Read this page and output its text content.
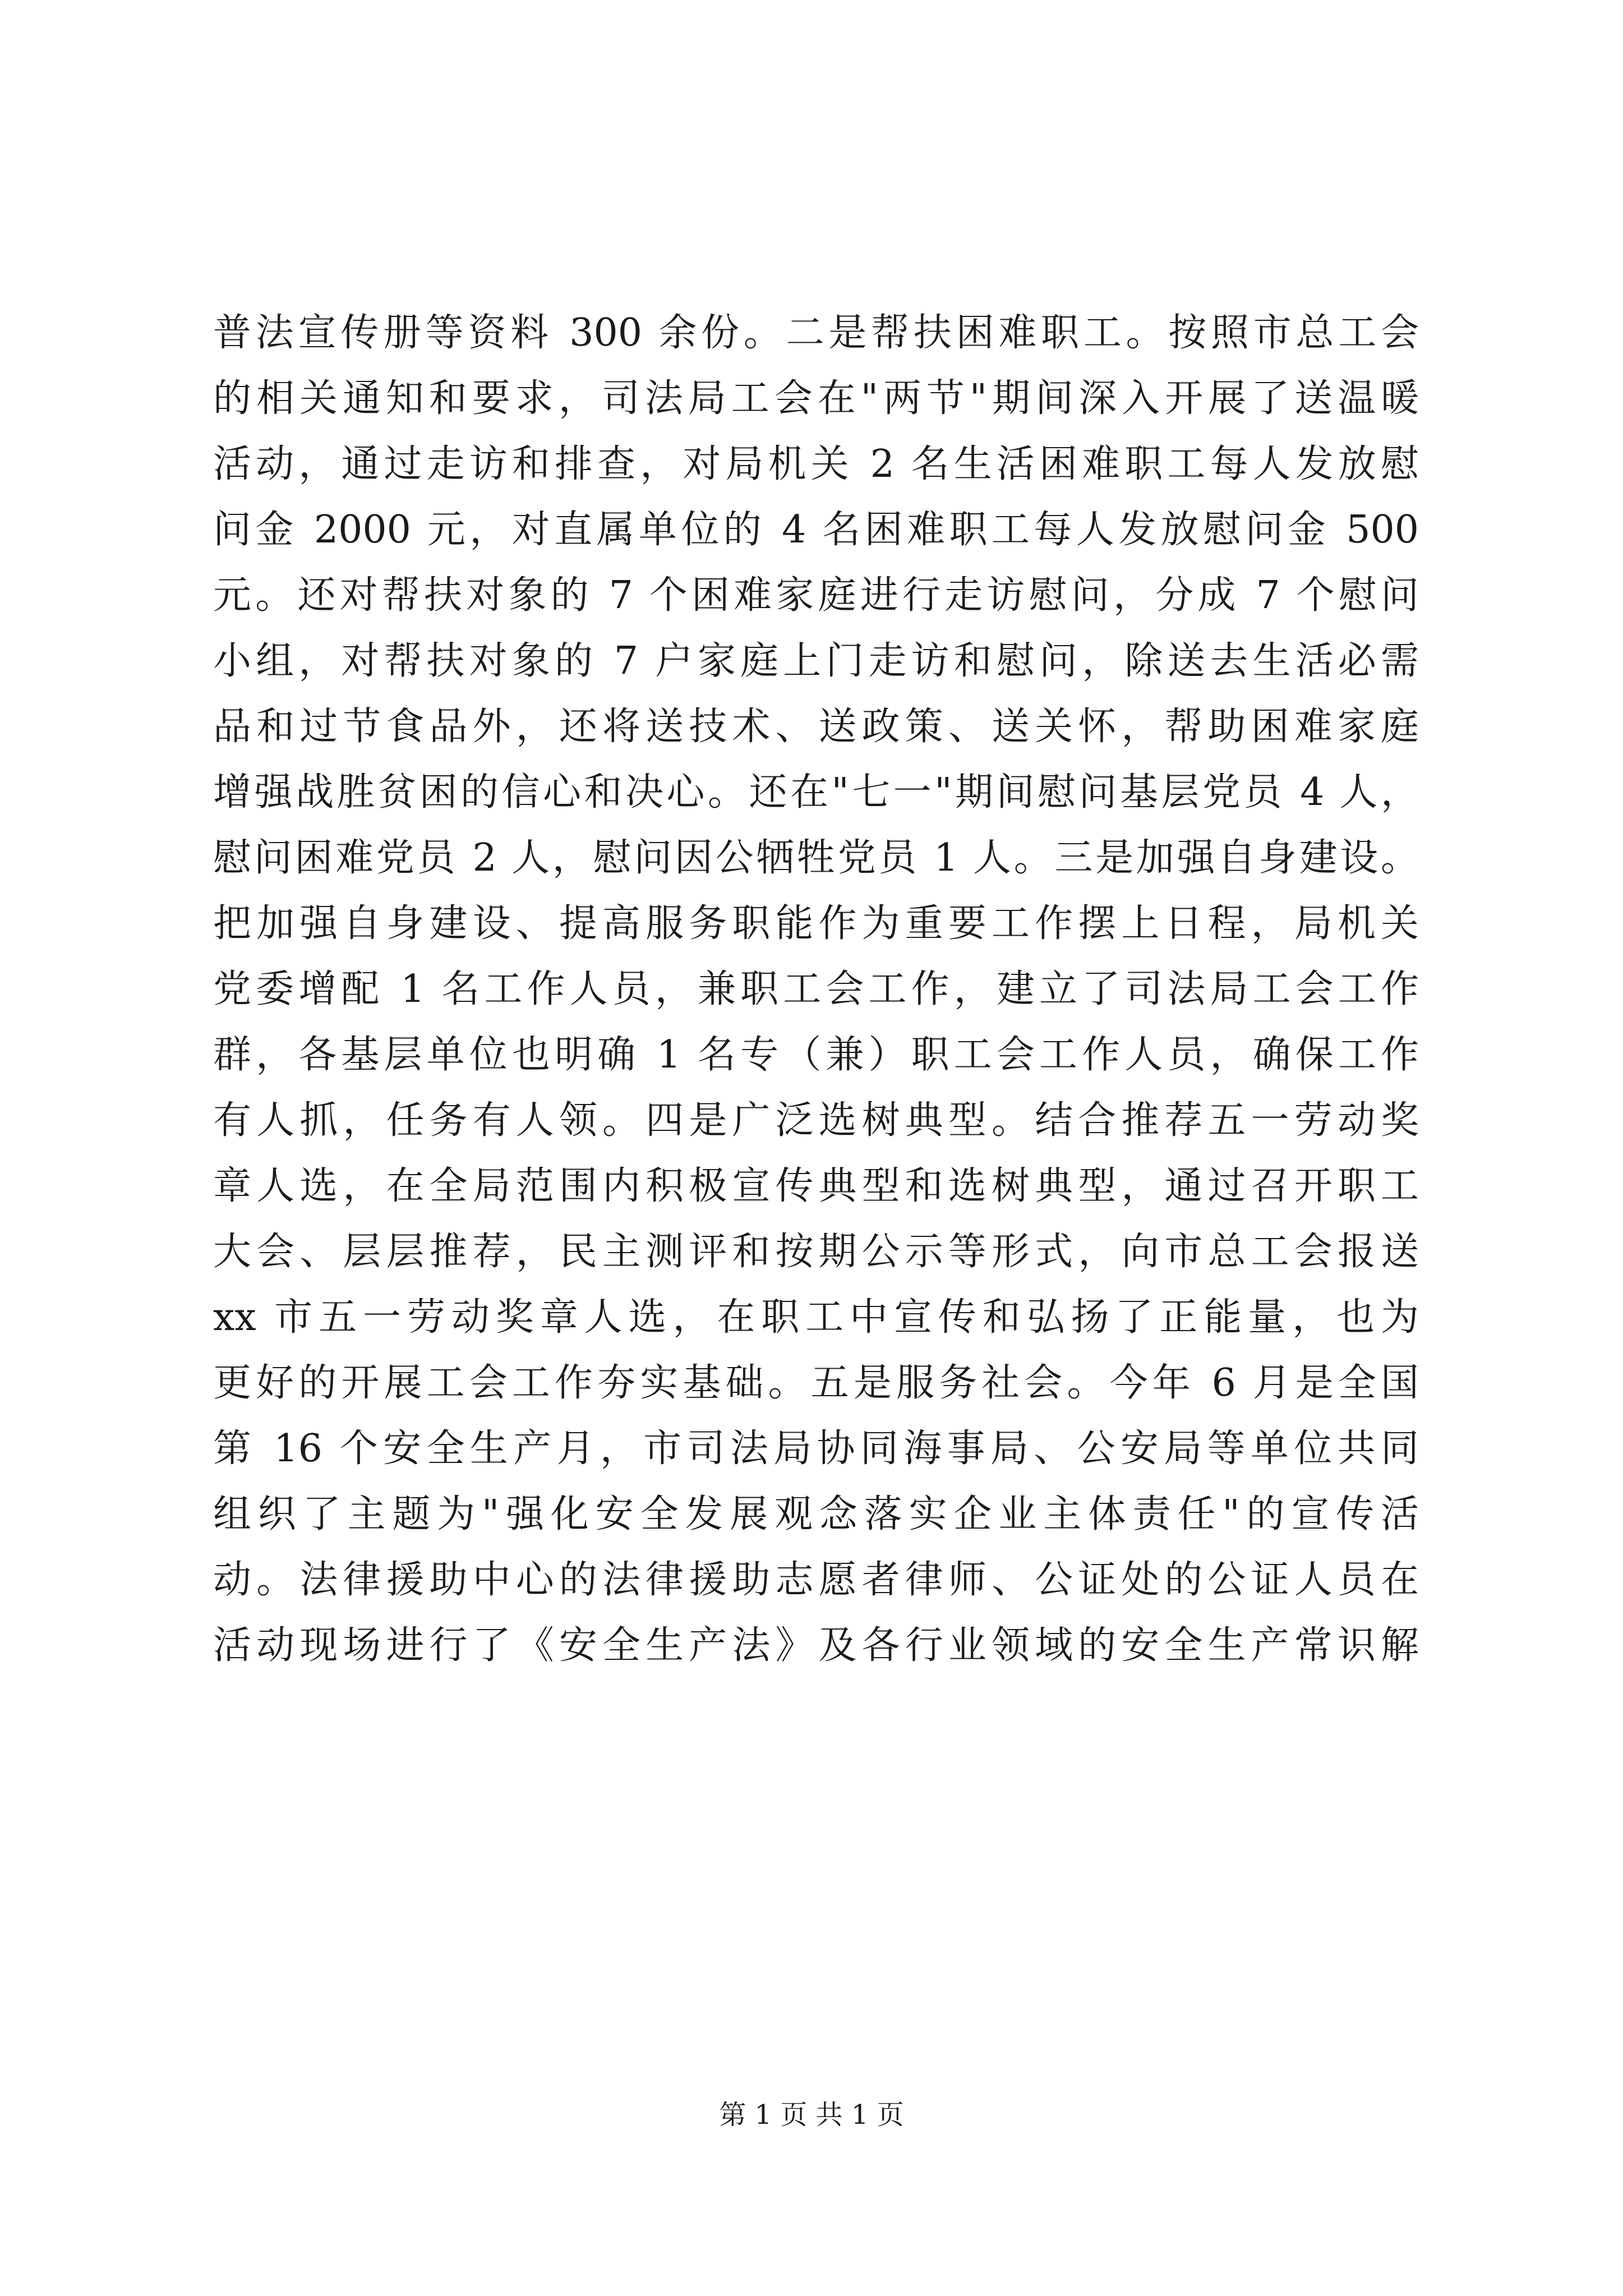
普法宣传册等资料 300 余份。二是帮扶困难职工。按照市总工会
的相关通知和要求，司法局工会在"两节"期间深入开展了送温暖
活动，通过走访和排查，对局机关 2 名生活困难职工每人发放慰
问金 2000 元，对直属单位的 4 名困难职工每人发放慰问金 500
元。还对帮扶对象的 7 个困难家庭进行走访慰问，分成 7 个慰问
小组，对帮扶对象的 7 户家庭上门走访和慰问，除送去生活必需
品和过节食品外，还将送技术、送政策、送关怀，帮助困难家庭
增强战胜贫困的信心和决心。还在"七一"期间慰问基层党员 4 人，
慰问困难党员 2 人，慰问因公牺牲党员 1 人。三是加强自身建设。
把加强自身建设、提高服务职能作为重要工作摆上日程，局机关
党委增配 1 名工作人员，兼职工会工作，建立了司法局工会工作
群，各基层单位也明确 1 名专（兼）职工会工作人员，确保工作
有人抓，任务有人领。四是广泛选树典型。结合推荐五一劳动奖
章人选，在全局范围内积极宣传典型和选树典型，通过召开职工
大会、层层推荐，民主测评和按期公示等形式，向市总工会报送
xx 市五一劳动奖章人选，在职工中宣传和弘扬了正能量，也为
更好的开展工会工作夯实基础。五是服务社会。今年 6 月是全国
第 16 个安全生产月，市司法局协同海事局、公安局等单位共同
组织了主题为"强化安全发展观念落实企业主体责任"的宣传活
动。法律援助中心的法律援助志愿者律师、公证处的公证人员在
活动现场进行了《安全生产法》及各行业领域的安全生产常识解
第 1 页 共 1 页
